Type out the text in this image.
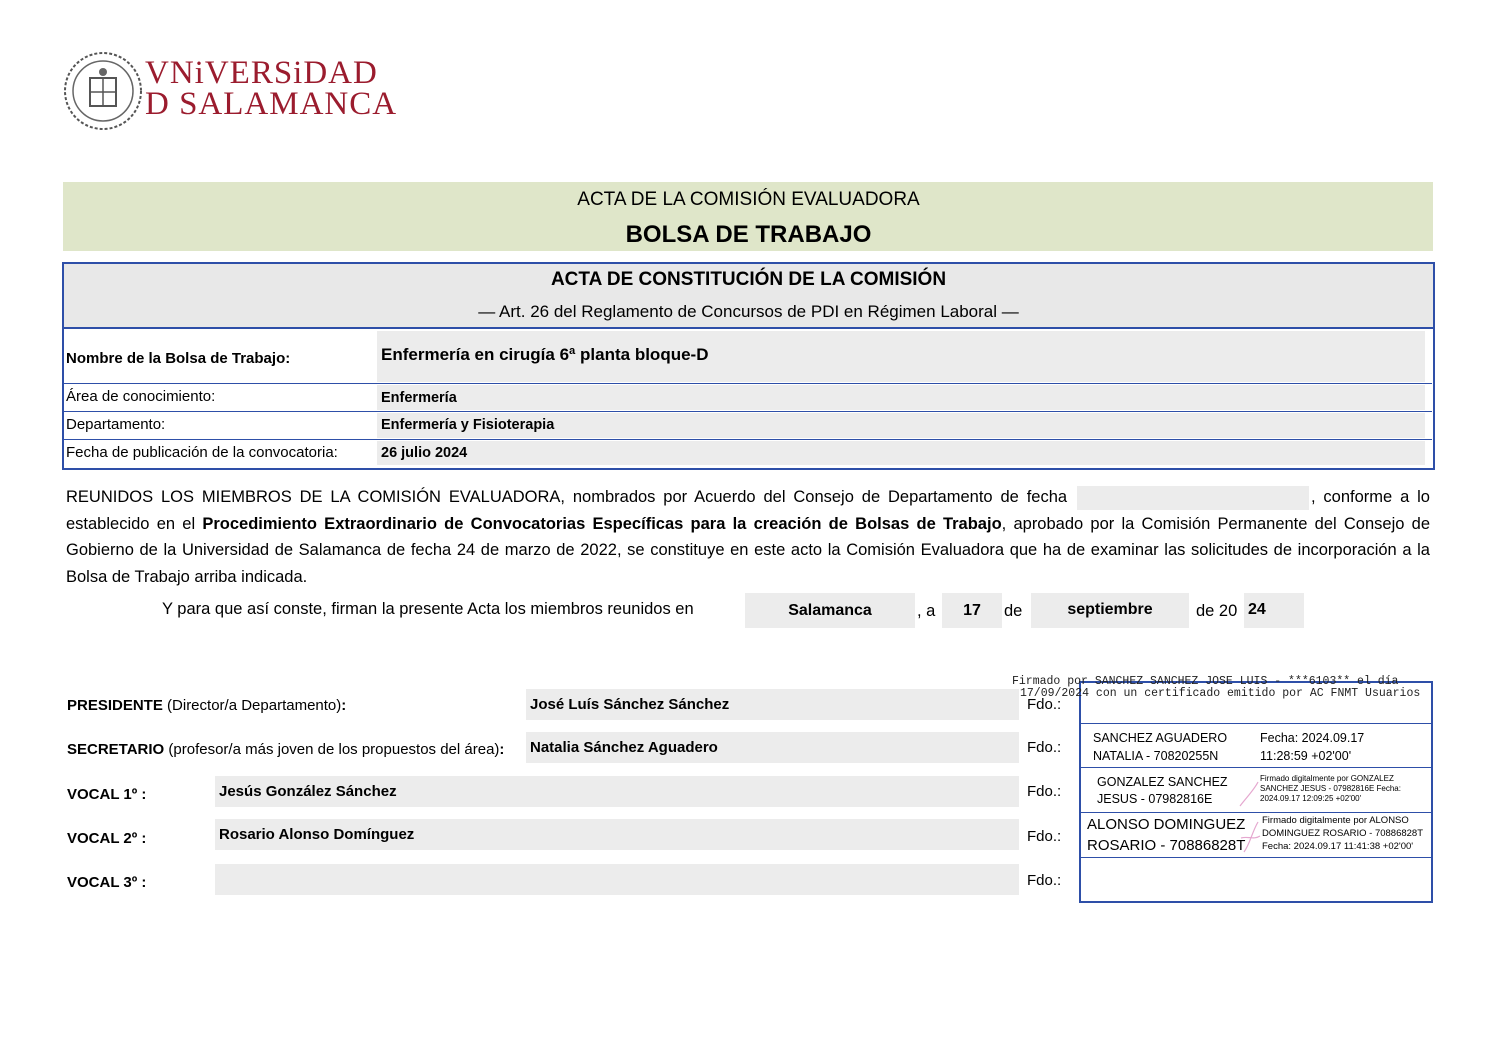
VNiVERSiDAD
D SALAMANCA
ACTA DE LA COMISIÓN EVALUADORA
BOLSA DE TRABAJO
ACTA DE CONSTITUCIÓN DE LA COMISIÓN
— Art. 26 del Reglamento de Concursos de PDI en Régimen Laboral —
Nombre de la Bolsa de Trabajo:	Enfermería en cirugía 6ª planta bloque-D
Área de conocimiento:	Enfermería
Departamento:	Enfermería y Fisioterapia
Fecha de publicación de la convocatoria:	26 julio 2024
REUNIDOS LOS MIEMBROS DE LA COMISIÓN EVALUADORA, nombrados por Acuerdo del Consejo de Departamento de fecha	, conforme a lo establecido en el Procedimiento Extraordinario de Convocatorias Específicas para la creación de Bolsas de Trabajo, aprobado por la Comisión Permanente del Consejo de Gobierno de la Universidad de Salamanca de fecha 24 de marzo de 2022, se constituye en este acto la Comisión Evaluadora que ha de examinar las solicitudes de incorporación a la Bolsa de Trabajo arriba indicada.
Y para que así conste, firman la presente Acta los miembros reunidos en	Salamanca	, a	17	de	septiembre	de 20 24
PRESIDENTE (Director/a Departamento):	José Luís Sánchez Sánchez	Fdo.:
SECRETARIO (profesor/a más joven de los propuestos del área): Natalia Sánchez Aguadero	Fdo.:
VOCAL 1º :	Jesús González Sánchez	Fdo.:
VOCAL 2º :	Rosario Alonso Domínguez	Fdo.:
VOCAL 3º :	Fdo.:
Firmado por SANCHEZ SANCHEZ JOSE LUIS - ***6103** el día
17/09/2024 con un certificado emitido por AC FNMT Usuarios
SANCHEZ AGUADERO NATALIA - 70820255N
Fecha: 2024.09.17 11:28:59 +02'00'
GONZALEZ SANCHEZ JESUS - 07982816E
Firmado digitalmente por GONZALEZ SANCHEZ JESUS - 07982816E Fecha: 2024.09.17 12:09:25 +02'00'
ALONSO DOMINGUEZ ROSARIO - 70886828T
Firmado digitalmente por ALONSO DOMINGUEZ ROSARIO - 70886828T Fecha: 2024.09.17 11:41:38 +02'00'
